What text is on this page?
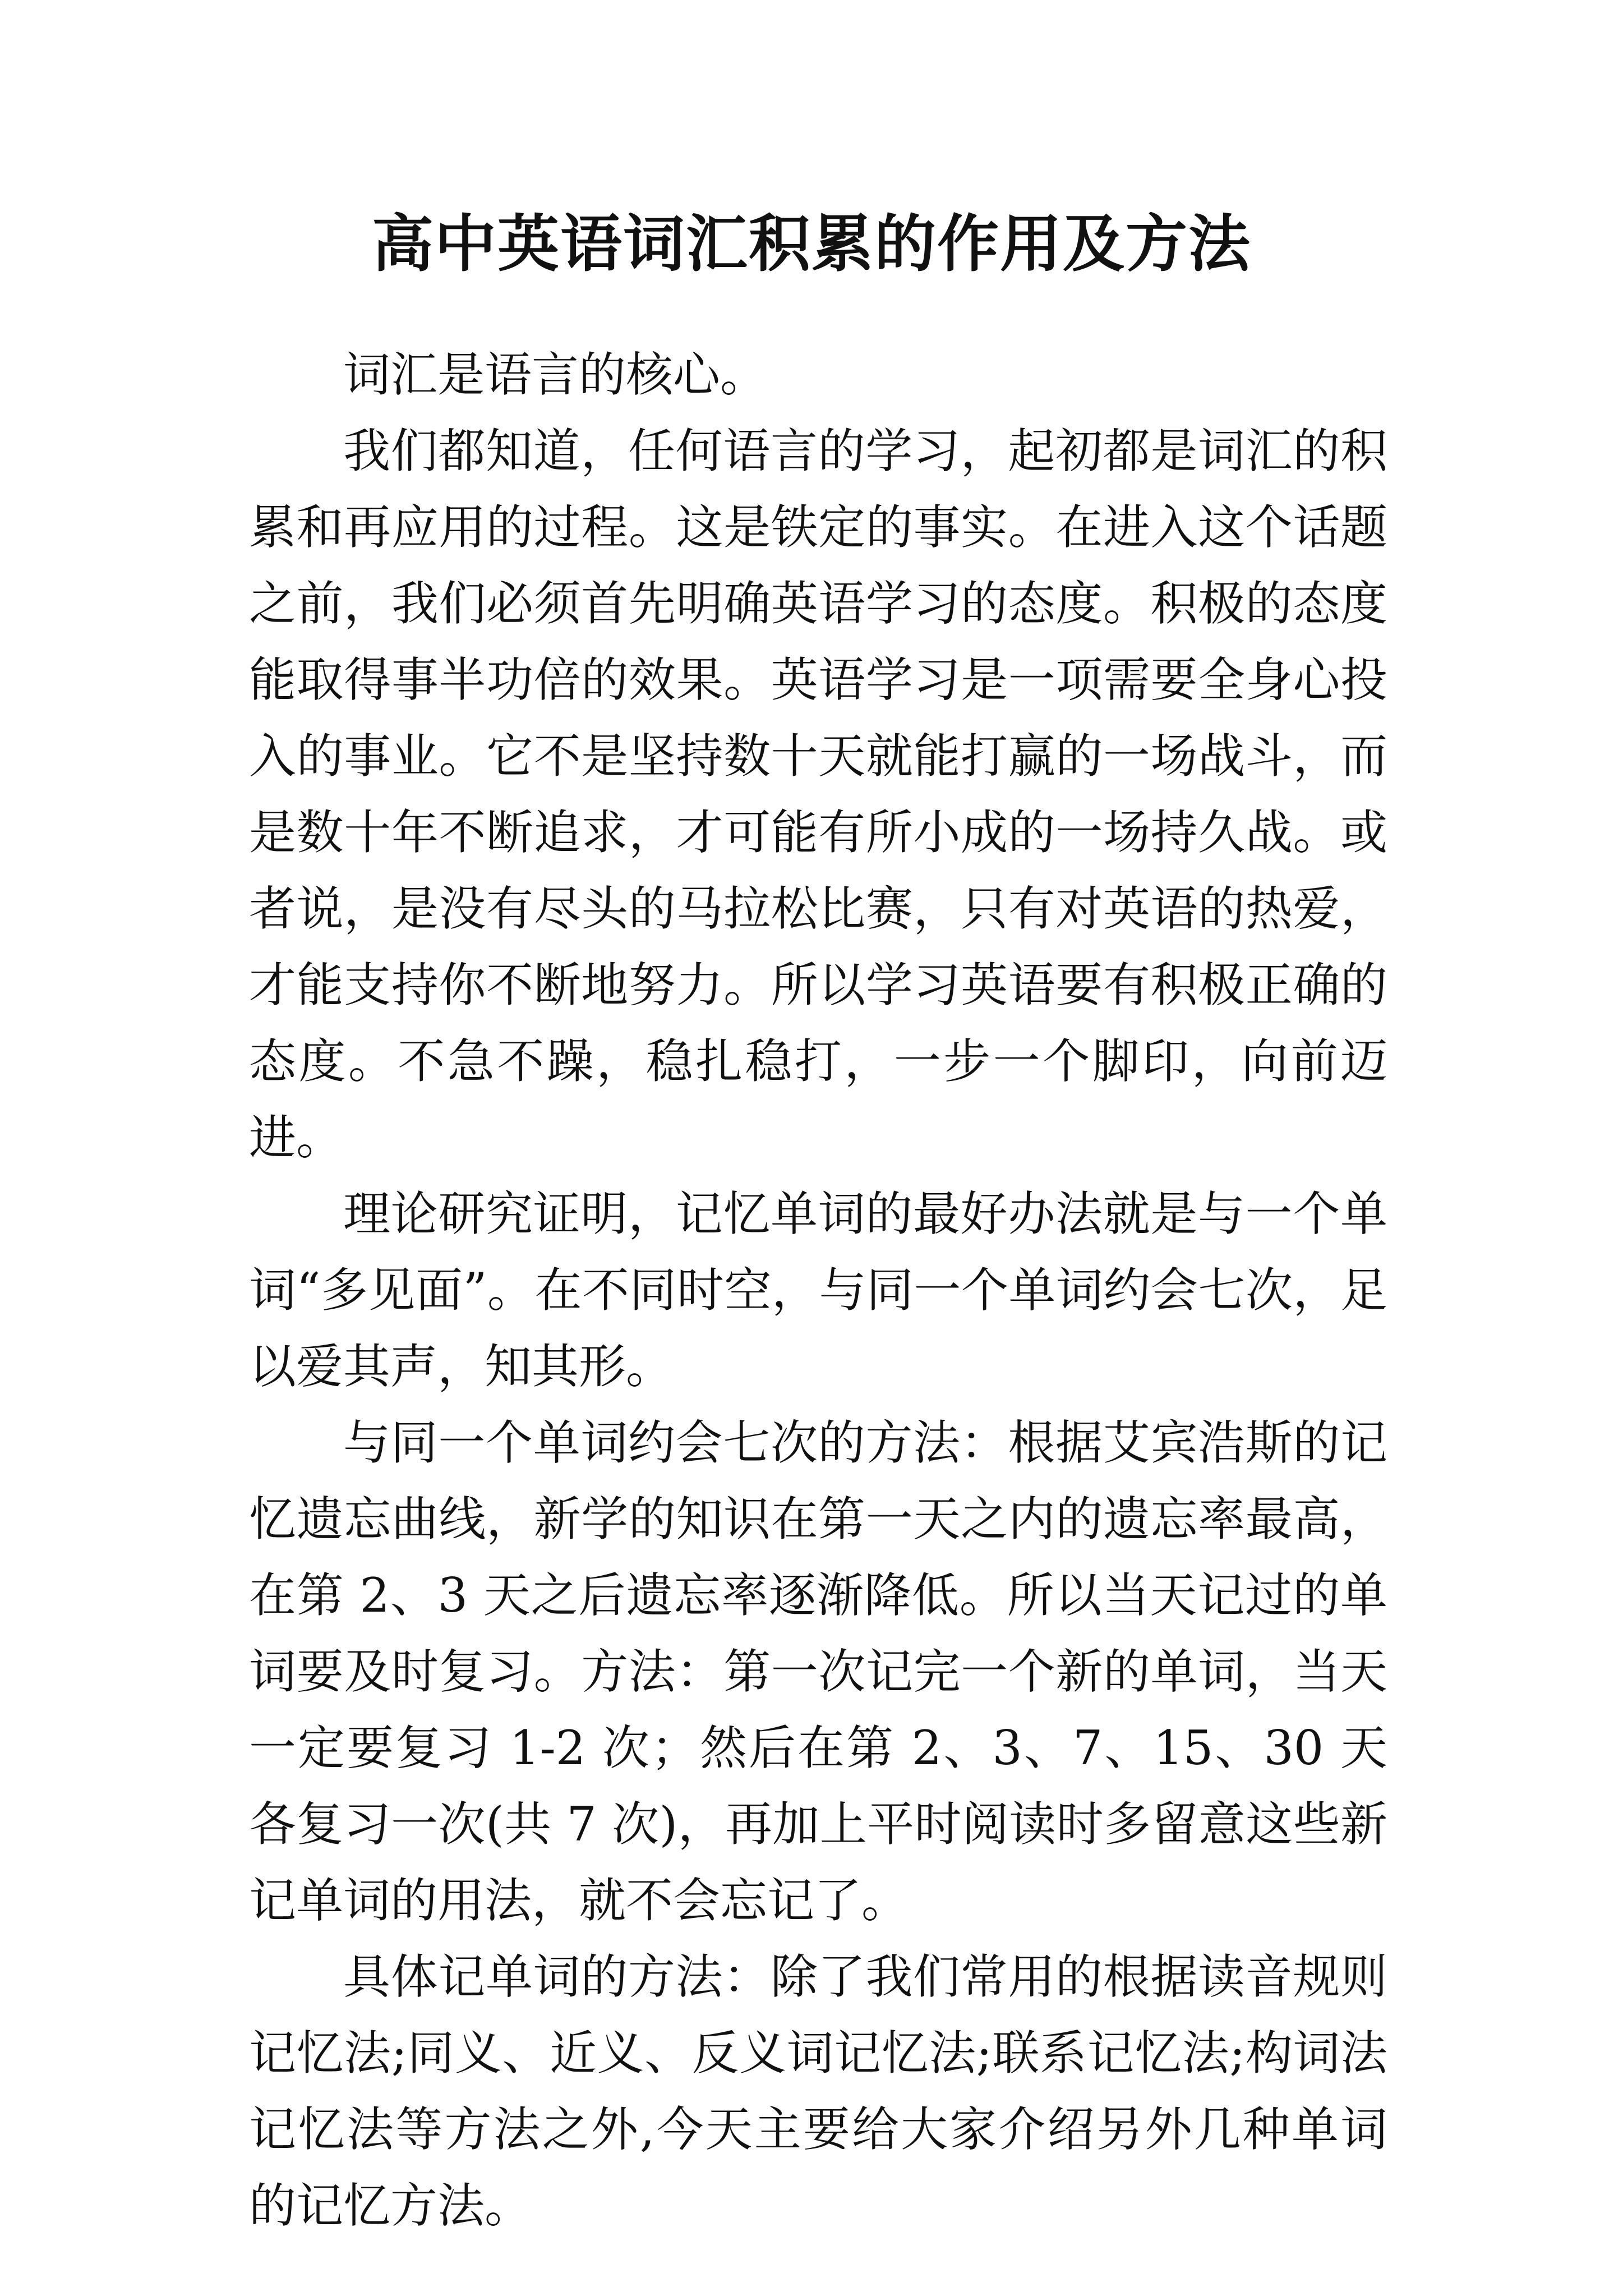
高中英语词汇积累的作用及方法

词汇是语言的核心。

我们都知道，任何语言的学习，起初都是词汇的积累和再应用的过程。这是铁定的事实。在进入这个话题之前，我们必须首先明确英语学习的态度。积极的态度能取得事半功倍的效果。英语学习是一项需要全身心投入的事业。它不是坚持数十天就能打赢的一场战斗，而是数十年不断追求，才可能有所小成的一场持久战。或者说，是没有尽头的马拉松比赛，只有对英语的热爱，才能支持你不断地努力。所以学习英语要有积极正确的态度。不急不躁，稳扎稳打，一步一个脚印，向前迈进。

理论研究证明，记忆单词的最好办法就是与一个单词“多见面”。在不同时空，与同一个单词约会七次，足以爱其声，知其形。

与同一个单词约会七次的方法：根据艾宾浩斯的记忆遗忘曲线，新学的知识在第一天之内的遗忘率最高，在第 2、3 天之后遗忘率逐渐降低。所以当天记过的单词要及时复习。方法：第一次记完一个新的单词，当天一定要复习 1-2 次；然后在第 2、3、7、15、30 天各复习一次(共 7 次)，再加上平时阅读时多留意这些新记单词的用法，就不会忘记了。

具体记单词的方法：除了我们常用的根据读音规则记忆法;同义、近义、反义词记忆法;联系记忆法;构词法记忆法等方法之外,今天主要给大家介绍另外几种单词的记忆方法。
